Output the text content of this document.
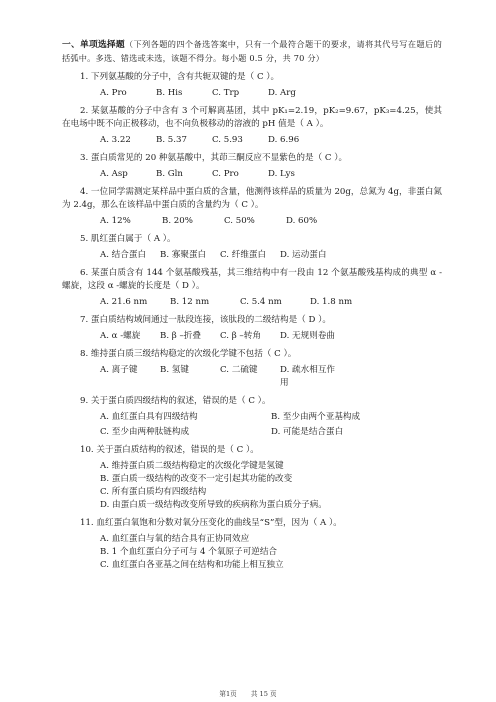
一、单项选择题（下列各题的四个备选答案中，只有一个最符合题干的要求，请将其代号写在题后的括弧中。多选、错选或未选，该题不得分。每小题 0.5 分，共 70 分）
1. 下列氨基酸的分子中，含有共轭双键的是（ C ）。
A. Pro	B. His	C. Trp	D. Arg
2. 某氨基酸的分子中含有 3 个可解离基团，其中 pK₁=2.19，pK₂=9.67，pK₃=4.25，使其在电场中既不向正极移动，也不向负极移动的溶液的 pH 值是（ A ）。
A. 3.22	B. 5.37	C. 5.93	D. 6.96
3. 蛋白质常见的 20 种氨基酸中，其茚三酮反应不显紫色的是（ C ）。
A. Asp	B. Gln	C. Pro	D. Lys
4. 一位同学需测定某样品中蛋白质的含量，他测得该样品的质量为 20g，总氮为 4g，非蛋白氮为 2.4g，那么在该样品中蛋白质的含量约为（ C ）。
A. 12%	B. 20%	C. 50%	D. 60%
5. 肌红蛋白属于（ A ）。
A. 结合蛋白	B. 寡聚蛋白	C. 纤维蛋白	D. 运动蛋白
6. 某蛋白质含有 144 个氨基酸残基，其三维结构中有一段由 12 个氨基酸残基构成的典型 α -螺旋，这段 α -螺旋的长度是（ D ）。
A. 21.6 nm	B. 12 nm	C. 5.4 nm	D. 1.8 nm
7. 蛋白质结构域间通过一肽段连接，该肽段的二级结构是（ D ）。
A. α -螺旋	B. β –折叠	C. β –转角	D. 无规则卷曲
8. 维持蛋白质三级结构稳定的次级化学键不包括（ C ）。
A. 离子键	B. 氢键	C. 二硫键	D. 疏水相互作用
9. 关于蛋白质四级结构的叙述，错误的是（ C ）。
A. 血红蛋白具有四级结构	B. 至少由两个亚基构成
C. 至少由两种肽链构成	D. 可能是结合蛋白
10. 关于蛋白质结构的叙述，错误的是（ C ）。
A. 维持蛋白质二级结构稳定的次级化学键是氢键
B. 蛋白质一级结构的改变不一定引起其功能的改变
C. 所有蛋白质均有四级结构
D. 由蛋白质一级结构改变所导致的疾病称为蛋白质分子病。
11. 血红蛋白氧饱和分数对氧分压变化的曲线呈“S”型，因为（ A ）。
A. 血红蛋白与氧的结合具有正协同效应
B. 1 个血红蛋白分子可与 4 个氧原子可逆结合
C. 血红蛋白各亚基之间在结构和功能上相互独立
第1页 共 15 页
